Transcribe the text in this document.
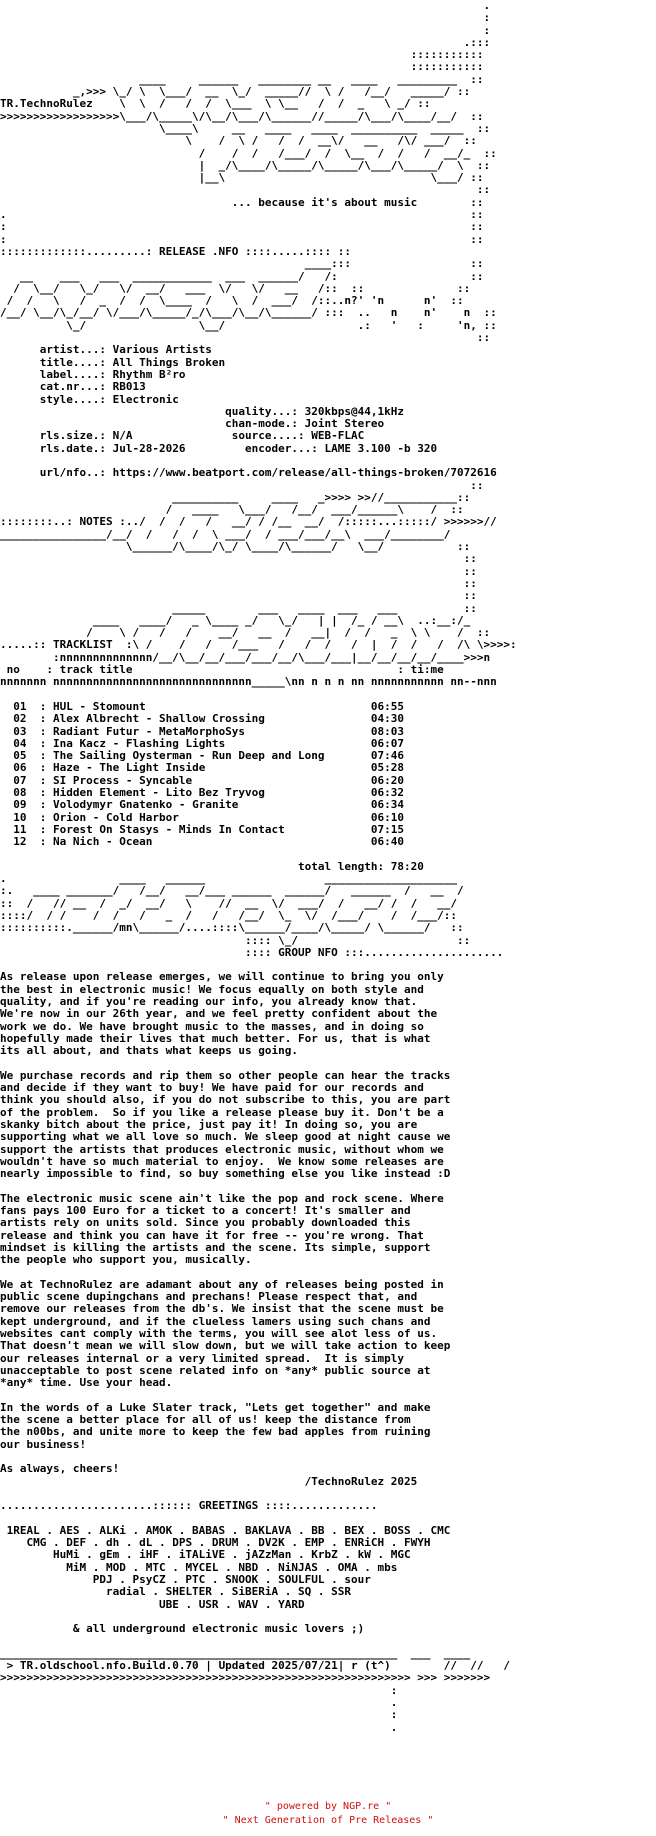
.
:
:
.:::
:::::::::::
:::::::::::
____     ______   ________ __   ____   _________  ::
_,>>> \_/ \  \___/  __  \_/  _____//  \ /   /__/   _____/ ::
TR.TechnoRulez    \  \  /   /  /  \___  \ \__   /  /  _   \ _/ ::
>>>>>>>>>>>>>>>>>>\___/\_____\/\__/\___/\______//_____/\___/\____/__/  ::
\____\     __   ____   ____  __________  _____  ::
\    /  \ /   /  /  __\/   __   /\/ ___/  ::
/    /  /   /___/  /  \__  /  /   /  __/_  ::
|  _/\____/\_____/\_____/\___/\_____/  \  ::
|__\                               \___/ ::
::
... because it's about music	::
.                                                                      ::
:                                                                      ::
:                                                                      ::
:::::::::::::.........: RELEASE .NFO ::::.....:::: ::
____:::                  ::
__    ___   ___  ____________  ___  ______/   /:                    ::
/  \__/   \_/   \/  __/   ___  \/   \/   __   /::  ::              ::
/  /   \   /  _  /  /  \____  /   \  /  ___/  /::..n?' 'n      n'  ::
/__/ \__/\_/__/ \/___/\_____/_/\___/\__/\______/ :::  ..   n    n'    n  ::
\_/                 \__/                    .:   '   :     'n, ::
::
artist...: Various Artists
title....: All Things Broken
label....: Rhythm B²ro
cat.nr...: RB013
style....: Electronic
quality...: 320kbps@44,1kHz
chan-mode.: Joint Stereo
rls.size.: N/A               source....: WEB-FLAC
rls.date.: Jul-28-2026         encoder...: LAME 3.100 -b 320

url/nfo..: https://www.beatport.com/release/all-things-broken/7072616
::
__________     ____   _>>>> >>//___________::
/   ____   \___/   /__/  ___/______\    /  ::
::::::::..: NOTES :../  /  /   /   __/ / /__  __/  /:::::...:::::/ >>>>>>//
________________/__/  /   /  /  \ ___/  / ___/___/__\  ___/________/
\______/\____/\_/ \____/\______/   \__/           ::
::
::
::
::
_____        ___   ____  ___   ___          ::
____   ____/   _ \____ _/   \_/   | |  /_ / __\  ..:__:/_
/    \ /   /   /    __/   __  /   __|  /  /   _  \ \    /  ::
.....:: TRACKLIST  :\ /    /   /   /___   /   /  /   /  |  /  /   /  /\ \>>>>:
:nnnnnnnnnnnnnn/__/\__/__/___/___/__/\___/___|__/__/__/__/____>>>n
no    : track title                                        : ti:me
nnnnnnn nnnnnnnnnnnnnnnnnnnnnnnnnnnnnn_____\nn n n n nn nnnnnnnnnnn nn--nnn

01  : HUL - Stomount	06:55
02  : Alex Albrecht - Shallow Crossing	04:30
03  : Radiant Futur - MetaMorphoSys	08:03
04  : Ina Kacz - Flashing Lights	06:07
05  : The Sailing Oysterman - Run Deep and Long	07:46
06  : Haze - The Light Inside	05:28
07  : SI Process - Syncable	06:20
08  : Hidden Element - Lito Bez Tryvog	06:32
09  : Volodymyr Gnatenko - Granite	06:34
10  : Orion - Cold Harbor	06:10
11  : Forest On Stasys - Minds In Contact	07:15
12  : Na Nich - Ocean	06:40

total length: 78:20
.                 ____   ______                  ____________________
:.   ____ _______/   /__/   __/___ ______  ______/   ______  /   __  /
::  /   // __  /  _/  __/   \    //  __  \/  ___/  /   __/ /  /   __/
::::/  / /    /  /   /   _  /   /   /__/  \_  \/  /___/    /  /___/::
::::::::::.______/mn\______/....::::\______/____/\_____/ \______/   ::
:::: \_/                        ::
:::: GROUP NFO :::.....................

As release upon release emerges, we will continue to bring you only
the best in electronic music! We focus equally on both style and
quality, and if you're reading our info, you already know that.
We're now in our 26th year, and we feel pretty confident about the
work we do. We have brought music to the masses, and in doing so
hopefully made their lives that much better. For us, that is what
its all about, and thats what keeps us going.

We purchase records and rip them so other people can hear the tracks
and decide if they want to buy! We have paid for our records and
think you should also, if you do not subscribe to this, you are part
of the problem.  So if you like a release please buy it. Don't be a
skanky bitch about the price, just pay it! In doing so, you are
supporting what we all love so much. We sleep good at night cause we
support the artists that produces electronic music, without whom we
wouldn't have so much material to enjoy.  We know some releases are
nearly impossible to find, so buy something else you like instead :D

The electronic music scene ain't like the pop and rock scene. Where
fans pays 100 Euro for a ticket to a concert! It's smaller and
artists rely on units sold. Since you probably downloaded this
release and think you can have it for free -- you're wrong. That
mindset is killing the artists and the scene. Its simple, support
the people who support you, musically.

We at TechnoRulez are adamant about any of releases being posted in
public scene dupingchans and prechans! Please respect that, and
remove our releases from the db's. We insist that the scene must be
kept underground, and if the clueless lamers using such chans and
websites cant comply with the terms, you will see alot less of us.
That doesn't mean we will slow down, but we will take action to keep
our releases internal or a very limited spread.  It is simply
unacceptable to post scene related info on *any* public source at
*any* time. Use your head.

In the words of a Luke Slater track, "Lets get together" and make
the scene a better place for all of us! keep the distance from
the n00bs, and unite more to keep the few bad apples from ruining
our business!

As always, cheers!
/TechnoRulez 2025

.......................:::::: GREETINGS ::::.............

1REAL . AES . ALKi . AMOK . BABAS . BAKLAVA . BB . BEX . BOSS . CMC
CMG . DEF . dh . dL . DPS . DRUM . DV2K . EMP . ENRiCH . FWYH
HuMi . gEm . iHF . iTALiVE . jAZzMan . KrbZ . kW . MGC
MiM . MOD . MTC . MYCEL . NBD . NiNJAS . OMA . mbs
PDJ . PsyCZ . PTC . SNOOK . SOULFUL . sour
radial . SHELTER . SiBERiA . SQ . SSR
UBE . USR . WAV . YARD

& all underground electronic music lovers ;)

____________________________________________________________  ___  ____
> TR.oldschool.nfo.Build.0.70 | Updated 2025/07/21| r (t^)	//  //   /
>>>>>>>>>>>>>>>>>>>>>>>>>>>>>>>>>>>>>>>>>>>>>>>>>>>>>>>>>>>>>> >>> >>>>>>>
:
.
:
.

" powered by NGP.re "
" Next Generation of Pre Releases "
